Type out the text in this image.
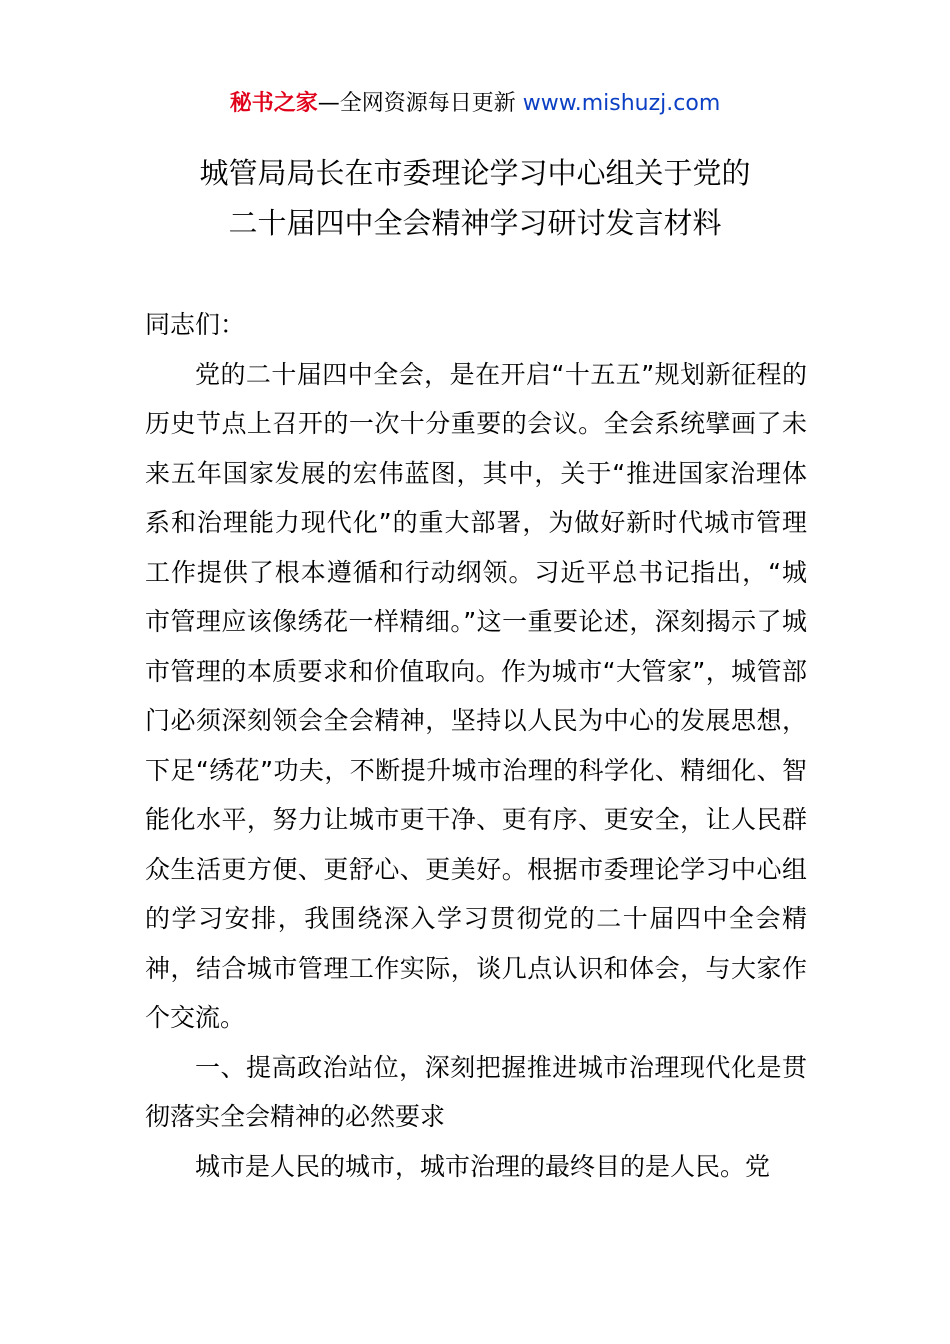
秘书之家—全网资源每日更新 www.mishuzj.com
城管局局长在市委理论学习中心组关于党的
二十届四中全会精神学习研讨发言材料

同志们：

党的二十届四中全会，是在开启“十五五”规划新征程的历史节点上召开的一次十分重要的会议。全会系统擘画了未来五年国家发展的宏伟蓝图，其中，关于“推进国家治理体系和治理能力现代化”的重大部署，为做好新时代城市管理工作提供了根本遵循和行动纲领。习近平总书记指出，“城市管理应该像绣花一样精细。”这一重要论述，深刻揭示了城市管理的本质要求和价值取向。作为城市“大管家”，城管部门必须深刻领会全会精神，坚持以人民为中心的发展思想，下足“绣花”功夫，不断提升城市治理的科学化、精细化、智能化水平，努力让城市更干净、更有序、更安全，让人民群众生活更方便、更舒心、更美好。根据市委理论学习中心组的学习安排，我围绕深入学习贯彻党的二十届四中全会精神，结合城市管理工作实际，谈几点认识和体会，与大家作个交流。

一、提高政治站位，深刻把握推进城市治理现代化是贯彻落实全会精神的必然要求

城市是人民的城市，城市治理的最终目的是人民。党
